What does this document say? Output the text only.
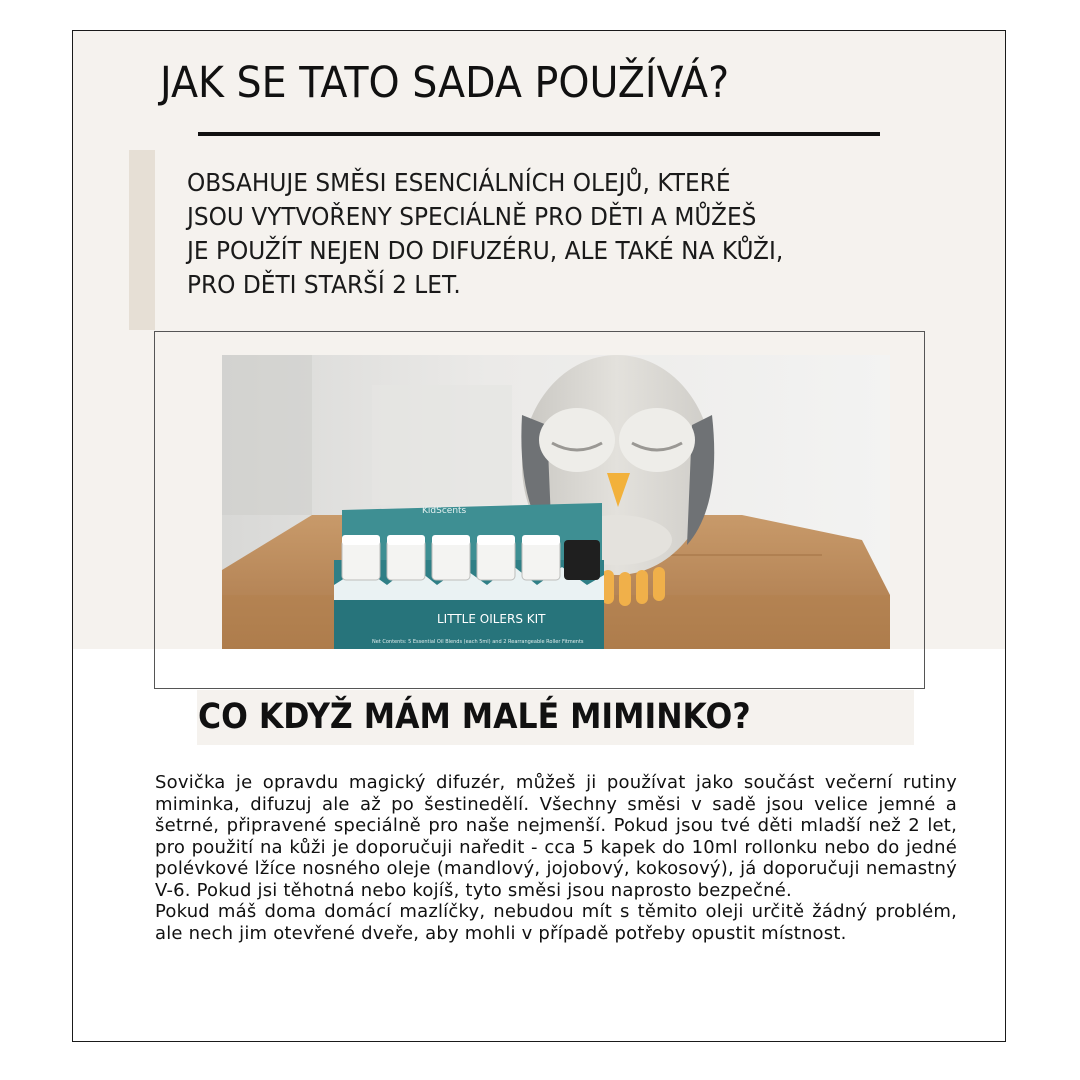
JAK SE TATO SADA POUŽÍVÁ?
OBSAHUJE SMĚSI ESENCIÁLNÍCH OLEJŮ, KTERÉ
JSOU VYTVOŘENY SPECIÁLNĚ PRO DĚTI A MŮŽEŠ
JE POUŽÍT NEJEN DO DIFUZÉRU, ALE TAKÉ NA KŮŽI,
PRO DĚTI STARŠÍ 2 LET.
LITTLE OILERS KIT
KidScents
Net Contents: 5 Essential Oil Blends (each 5ml) and 2 Rearrangeable Roller Fitments
CO KDYŽ MÁM MALÉ MIMINKO?

Sovička je opravdu magický difuzér, můžeš ji používat jako součást večerní rutiny miminka, difuzuj ale až po šestinedělí. Všechny směsi v sadě jsou velice jemné a šetrné, připravené speciálně pro naše nejmenší. Pokud jsou tvé děti mladší než 2 let, pro použití na kůži je doporučuji naředit - cca 5 kapek do 10ml rollonku nebo do jedné polévkové lžíce nosného oleje (mandlový, jojobový, kokosový), já doporučuji nemastný V-6. Pokud jsi těhotná nebo kojíš, tyto směsi jsou naprosto bezpečné.

Pokud máš doma domácí mazlíčky, nebudou mít s těmito oleji určitě žádný problém, ale nech jim otevřené dveře, aby mohli v případě potřeby opustit místnost.
